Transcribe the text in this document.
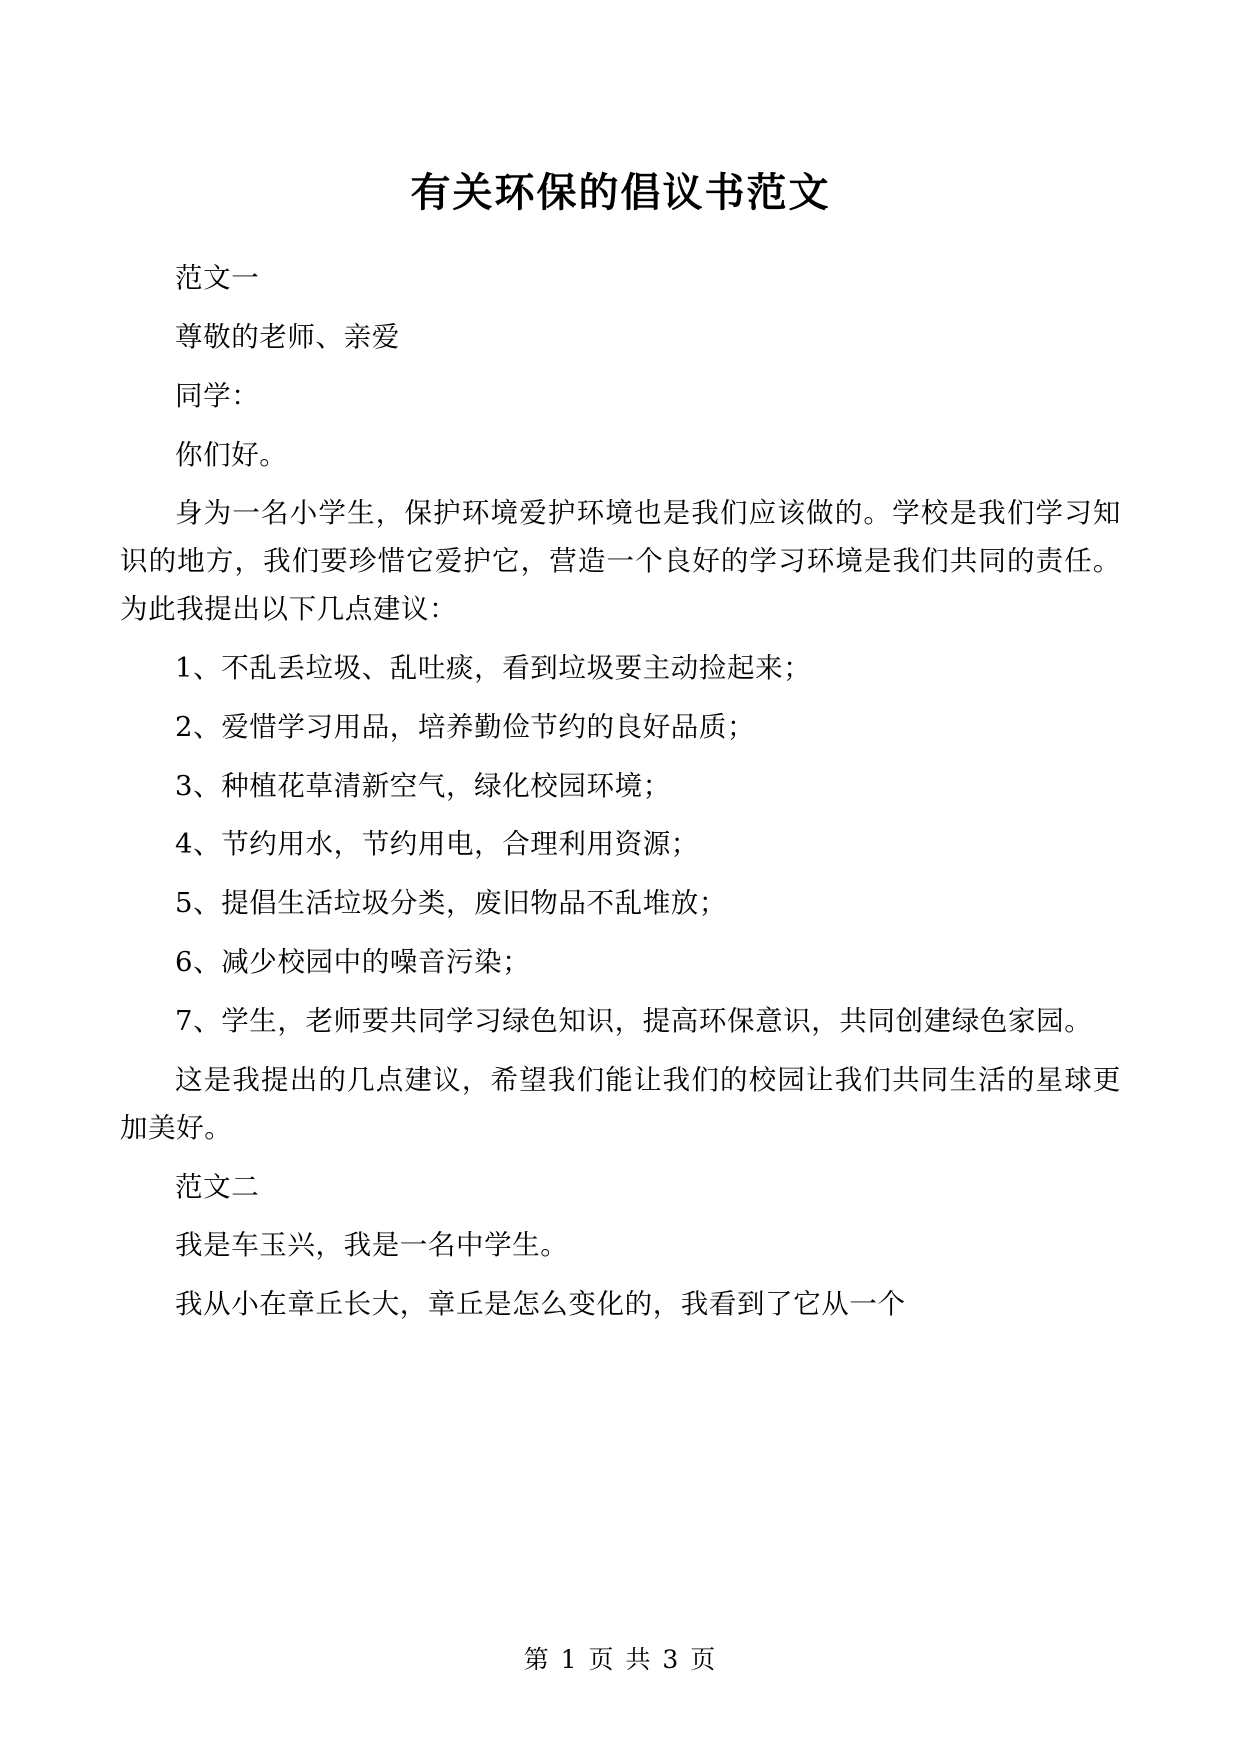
有关环保的倡议书范文

范文一

尊敬的老师、亲爱

同学：

你们好。

身为一名小学生，保护环境爱护环境也是我们应该做的。学校是我们学习知识的地方，我们要珍惜它爱护它，营造一个良好的学习环境是我们共同的责任。为此我提出以下几点建议：

1、不乱丢垃圾、乱吐痰，看到垃圾要主动捡起来；

2、爱惜学习用品，培养勤俭节约的良好品质；

3、种植花草清新空气，绿化校园环境；

4、节约用水，节约用电，合理利用资源；

5、提倡生活垃圾分类，废旧物品不乱堆放；

6、减少校园中的噪音污染；

7、学生，老师要共同学习绿色知识，提高环保意识，共同创建绿色家园。

这是我提出的几点建议，希望我们能让我们的校园让我们共同生活的星球更加美好。

范文二

我是车玉兴，我是一名中学生。

我从小在章丘长大，章丘是怎么变化的，我看到了它从一个

第 1 页 共 3 页
